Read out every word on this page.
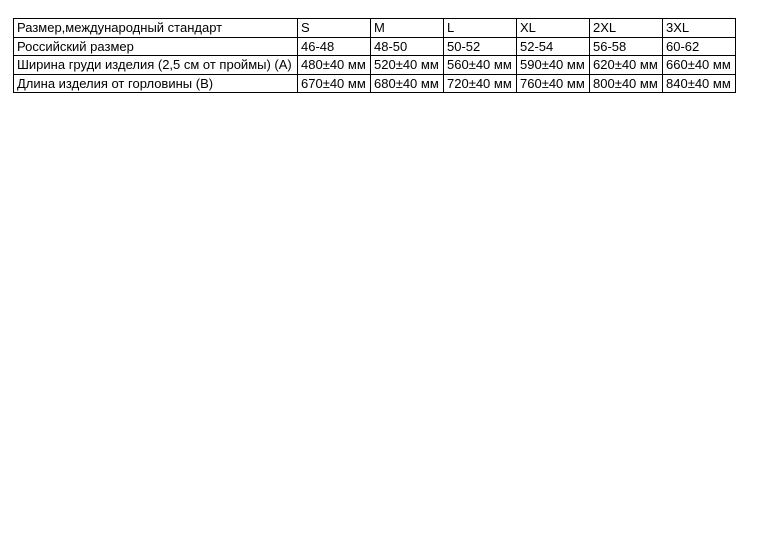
Размер,международный стандарт	S	M	L	XL	2XL	3XL
Российский размер	46-48	48-50	50-52	52-54	56-58	60-62
Ширина груди изделия (2,5 см от проймы) (А)	480±40 мм	520±40 мм	560±40 мм	590±40 мм	620±40 мм	660±40 мм
Длина изделия от горловины (В)	670±40 мм	680±40 мм	720±40 мм	760±40 мм	800±40 мм	840±40 мм
